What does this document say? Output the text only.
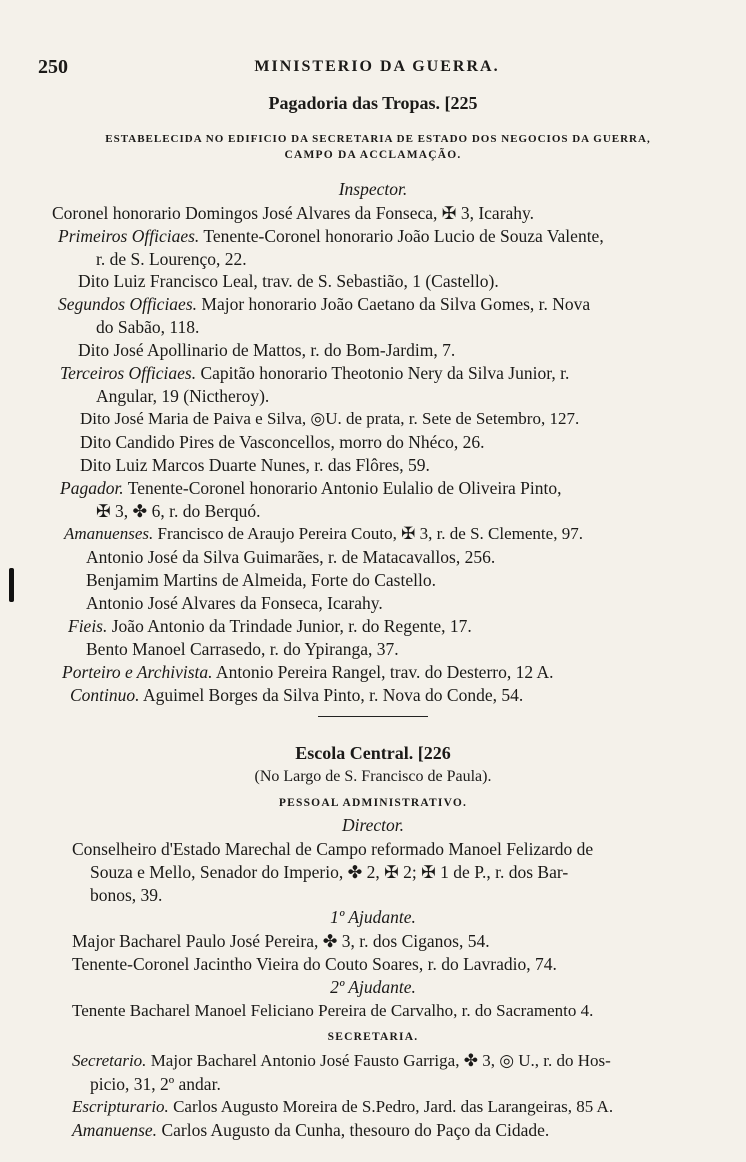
250	MINISTERIO DA GUERRA.
Pagadoria das Tropas. [225
ESTABELECIDA NO EDIFICIO DA SECRETARIA DE ESTADO DOS NEGOCIOS DA GUERRA,
CAMPO DA ACCLAMAÇÃO.
Inspector.
Coronel honorario Domingos José Alvares da Fonseca, ✠ 3, Icarahy.
Primeiros Officiaes. Tenente-Coronel honorario João Lucio de Souza Valente,
r. de S. Lourenço, 22.
Dito Luiz Francisco Leal, trav. de S. Sebastião, 1 (Castello).
Segundos Officiaes. Major honorario João Caetano da Silva Gomes, r. Nova
do Sabão, 118.
Dito José Apollinario de Mattos, r. do Bom-Jardim, 7.
Terceiros Officiaes. Capitão honorario Theotonio Nery da Silva Junior, r.
Angular, 19 (Nictheroy).
Dito José Maria de Paiva e Silva, ◎U. de prata, r. Sete de Setembro, 127.
Dito Candido Pires de Vasconcellos, morro do Nhéco, 26.
Dito Luiz Marcos Duarte Nunes, r. das Flôres, 59.
Pagador. Tenente-Coronel honorario Antonio Eulalio de Oliveira Pinto,
✠ 3, ✤ 6, r. do Berquó.
Amanuenses. Francisco de Araujo Pereira Couto, ✠ 3, r. de S. Clemente, 97.
Antonio José da Silva Guimarães, r. de Matacavallos, 256.
Benjamim Martins de Almeida, Forte do Castello.
Antonio José Alvares da Fonseca, Icarahy.
Fieis. João Antonio da Trindade Junior, r. do Regente, 17.
Bento Manoel Carrasedo, r. do Ypiranga, 37.
Porteiro e Archivista. Antonio Pereira Rangel, trav. do Desterro, 12 A.
Continuo. Aguimel Borges da Silva Pinto, r. Nova do Conde, 54.
Escola Central. [226
(No Largo de S. Francisco de Paula).
PESSOAL ADMINISTRATIVO.
Director.
Conselheiro d'Estado Marechal de Campo reformado Manoel Felizardo de
Souza e Mello, Senador do Imperio, ✤ 2, ✠ 2; ✠ 1 de P., r. dos Bar-
bonos, 39.
1º Ajudante.
Major Bacharel Paulo José Pereira, ✤ 3, r. dos Ciganos, 54.
Tenente-Coronel Jacintho Vieira do Couto Soares, r. do Lavradio, 74.
2º Ajudante.
Tenente Bacharel Manoel Feliciano Pereira de Carvalho, r. do Sacramento 4.
SECRETARIA.
Secretario. Major Bacharel Antonio José Fausto Garriga, ✤ 3, ◎ U., r. do Hos-
picio, 31, 2º andar.
Escripturario. Carlos Augusto Moreira de S.Pedro, Jard. das Larangeiras, 85 A.
Amanuense. Carlos Augusto da Cunha, thesouro do Paço da Cidade.
